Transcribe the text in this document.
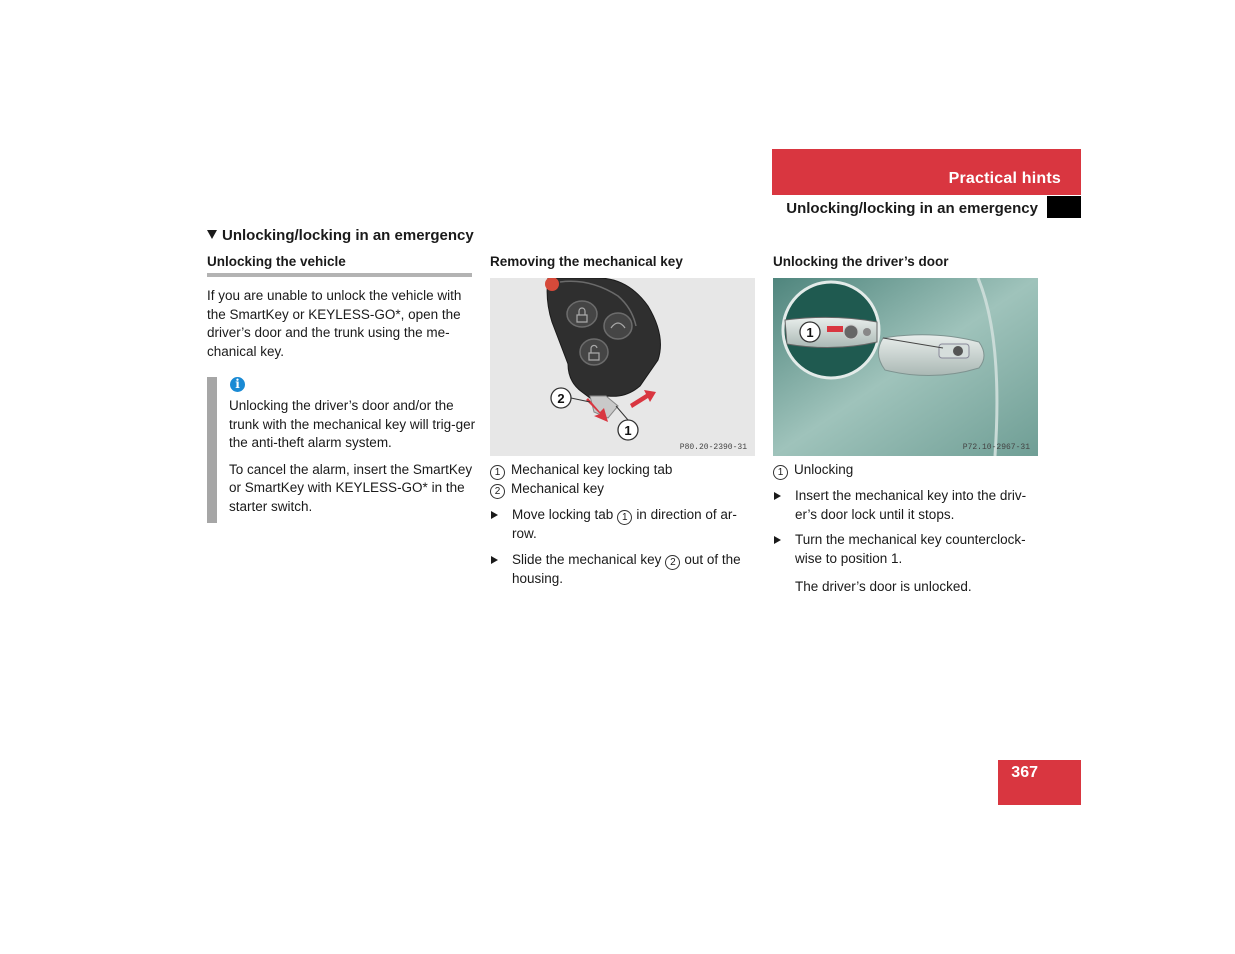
Practical hints
Unlocking/locking in an emergency
Unlocking/locking in an emergency
Unlocking the vehicle
If you are unable to unlock the vehicle with the SmartKey or KEYLESS-GO*, open the driver’s door and the trunk using the me-chanical key.
i

Unlocking the driver’s door and/or the trunk with the mechanical key will trig-ger the anti-theft alarm system.

To cancel the alarm, insert the SmartKey or SmartKey with KEYLESS-GO* in the starter switch.

Removing the mechanical key
2
1
P80.20-2390-31
1 Mechanical key locking tab
2 Mechanical key
Move locking tab 1 in direction of ar-row.
Slide the mechanical key 2 out of the housing.
Unlocking the driver’s door
1
P72.10-2967-31
1 Unlocking
Insert the mechanical key into the driv-er’s door lock until it stops.
Turn the mechanical key counterclock-wise to position 1.
The driver’s door is unlocked.
367
